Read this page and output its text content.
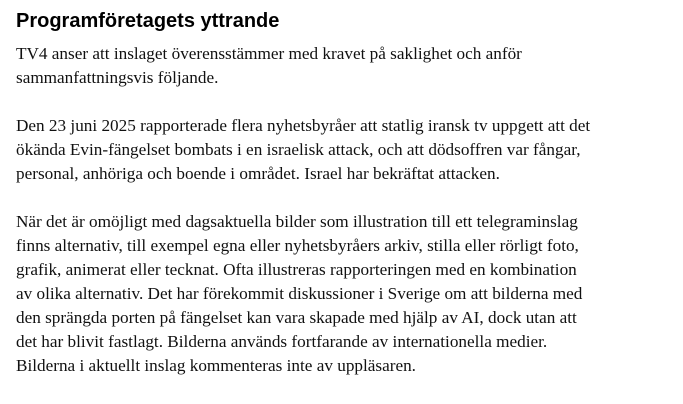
Programföretagets yttrande

TV4 anser att inslaget överensstämmer med kravet på saklighet och anför
sammanfattningsvis följande.

Den 23 juni 2025 rapporterade flera nyhetsbyråer att statlig iransk tv uppgett att det
ökända Evin-fängelset bombats i en israelisk attack, och att dödsoffren var fångar,
personal, anhöriga och boende i området. Israel har bekräftat attacken.

När det är omöjligt med dagsaktuella bilder som illustration till ett telegraminslag
finns alternativ, till exempel egna eller nyhetsbyråers arkiv, stilla eller rörligt foto,
grafik, animerat eller tecknat. Ofta illustreras rapporteringen med en kombination
av olika alternativ. Det har förekommit diskussioner i Sverige om att bilderna med
den sprängda porten på fängelset kan vara skapade med hjälp av AI, dock utan att
det har blivit fastlagt. Bilderna används fortfarande av internationella medier.
Bilderna i aktuellt inslag kommenteras inte av uppläsaren.
